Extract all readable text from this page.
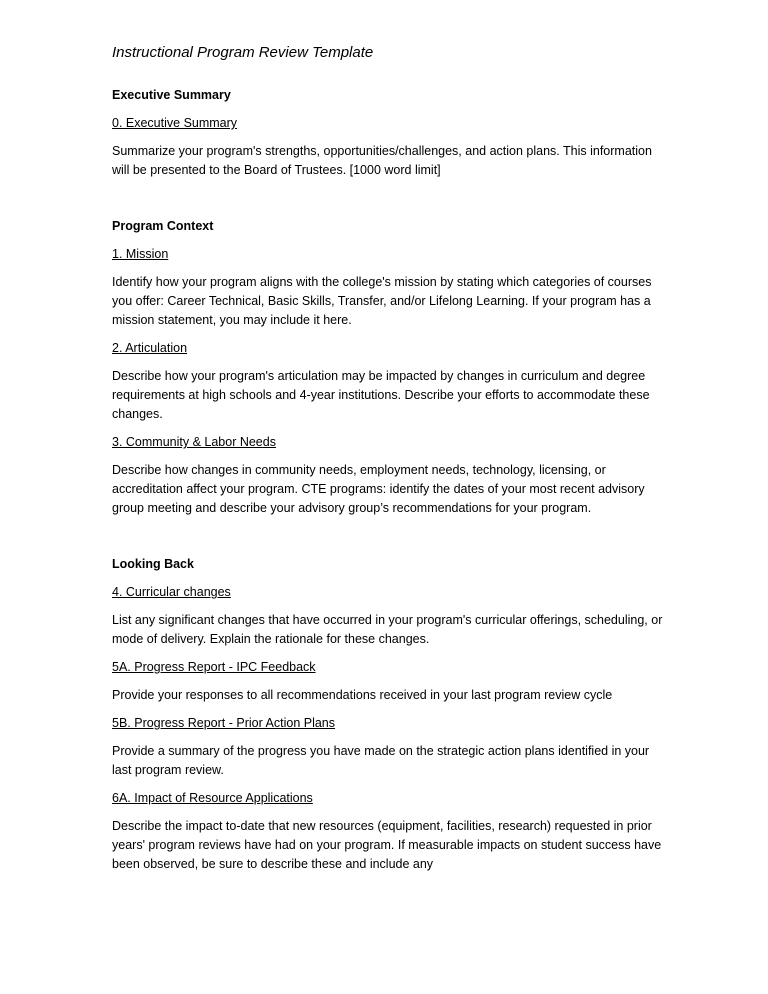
Instructional Program Review Template

Executive Summary

0. Executive Summary

Summarize your program's strengths, opportunities/challenges, and action plans. This information will be presented to the Board of Trustees. [1000 word limit]

Program Context

1. Mission

Identify how your program aligns with the college's mission by stating which categories of courses you offer: Career Technical, Basic Skills, Transfer, and/or Lifelong Learning. If your program has a mission statement, you may include it here.

2. Articulation

Describe how your program's articulation may be impacted by changes in curriculum and degree requirements at high schools and 4-year institutions. Describe your efforts to accommodate these changes.

3. Community & Labor Needs

Describe how changes in community needs, employment needs, technology, licensing, or accreditation affect your program. CTE programs: identify the dates of your most recent advisory group meeting and describe your advisory group’s recommendations for your program.

Looking Back

4. Curricular changes

List any significant changes that have occurred in your program's curricular offerings, scheduling, or mode of delivery. Explain the rationale for these changes.

5A. Progress Report - IPC Feedback

Provide your responses to all recommendations received in your last program review cycle

5B. Progress Report - Prior Action Plans

Provide a summary of the progress you have made on the strategic action plans identified in your last program review.

6A. Impact of Resource Applications

Describe the impact to-date that new resources (equipment, facilities, research) requested in prior years' program reviews have had on your program. If measurable impacts on student success have been observed, be sure to describe these and include any
